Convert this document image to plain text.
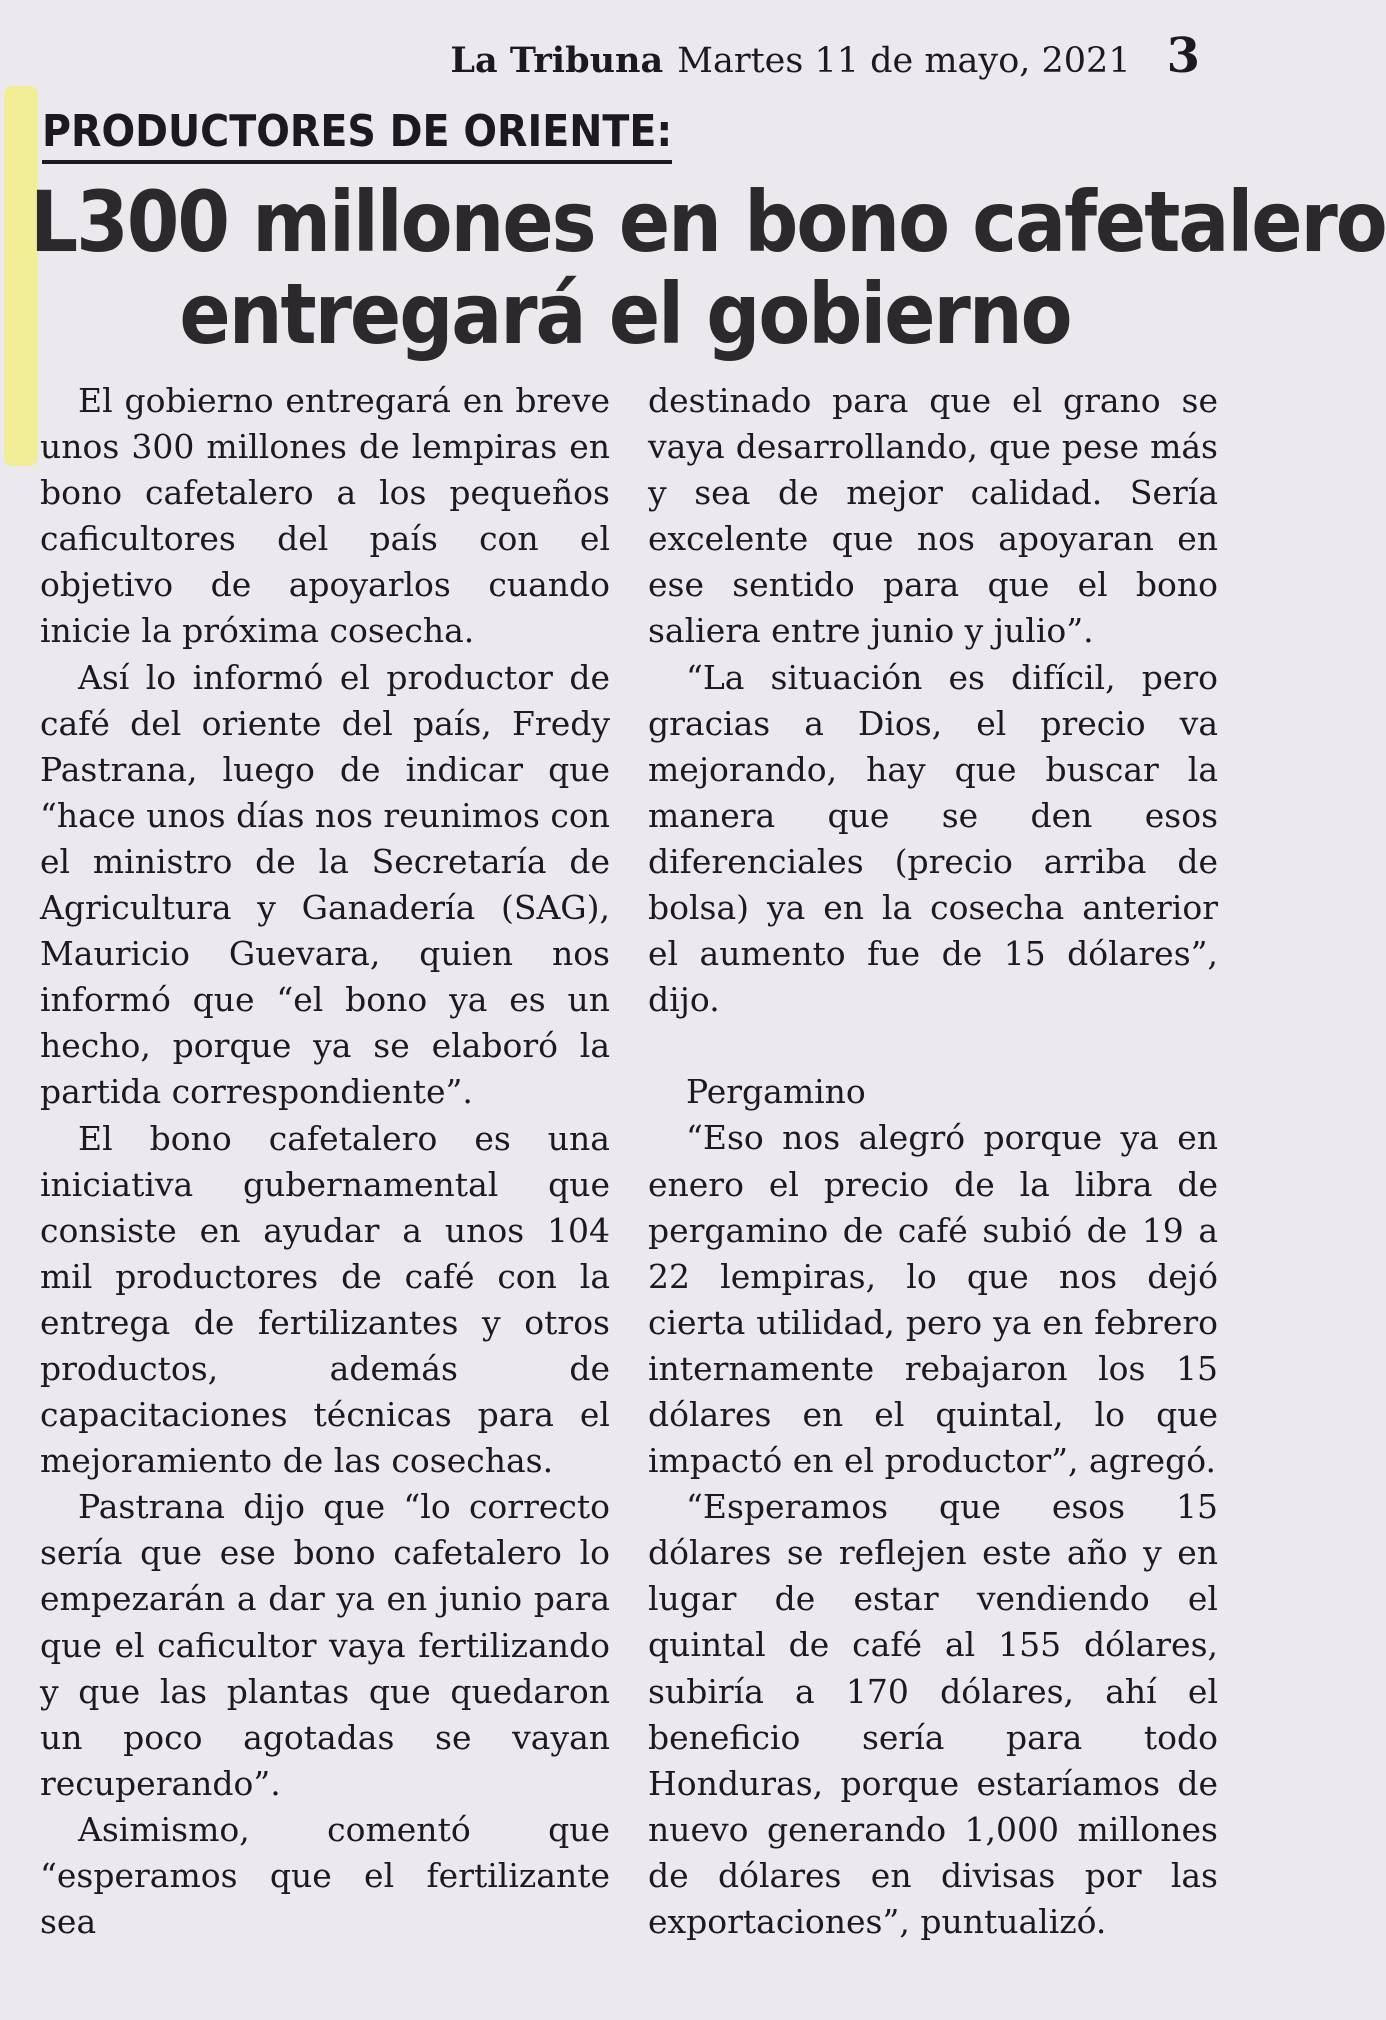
La Tribuna Martes 11 de mayo, 2021 3
PRODUCTORES DE ORIENTE:
L300 millones en bono cafetalero
entregará el gobierno

El gobierno entregará en breve unos 300 millones de lempiras en bono cafetalero a los pequeños caficultores del país con el objetivo de apoyarlos cuando inicie la próxima cosecha.

Así lo informó el productor de café del oriente del país, Fredy Pastrana, luego de indicar que “hace unos días nos reunimos con el ministro de la Secretaría de Agricultura y Ganadería (SAG), Mauricio Guevara, quien nos informó que “el bono ya es un hecho, porque ya se elaboró la partida correspondiente”.

El bono cafetalero es una iniciativa gubernamental que consiste en ayudar a unos 104 mil productores de café con la entrega de fertilizantes y otros productos, además de capacitaciones técnicas para el mejoramiento de las cosechas.

Pastrana dijo que “lo correcto sería que ese bono cafetalero lo empezarán a dar ya en junio para que el caficultor vaya fertilizando y que las plantas que quedaron un poco agotadas se vayan recuperando”.

Asimismo, comentó que “esperamos que el fertilizante sea

destinado para que el grano se vaya desarrollando, que pese más y sea de mejor calidad. Sería excelente que nos apoyaran en ese sentido para que el bono saliera entre junio y julio”.

“La situación es difícil, pero gracias a Dios, el precio va mejorando, hay que buscar la manera que se den esos diferenciales (precio arriba de bolsa) ya en la cosecha anterior el aumento fue de 15 dólares”, dijo.

Pergamino

“Eso nos alegró porque ya en enero el precio de la libra de pergamino de café subió de 19 a 22 lempiras, lo que nos dejó cierta utilidad, pero ya en febrero internamente rebajaron los 15 dólares en el quintal, lo que impactó en el productor”, agregó.

“Esperamos que esos 15 dólares se reflejen este año y en lugar de estar vendiendo el quintal de café al 155 dólares, subiría a 170 dólares, ahí el beneficio sería para todo Honduras, porque estaríamos de nuevo generando 1,000 millones de dólares en divisas por las exportaciones”, puntualizó.
